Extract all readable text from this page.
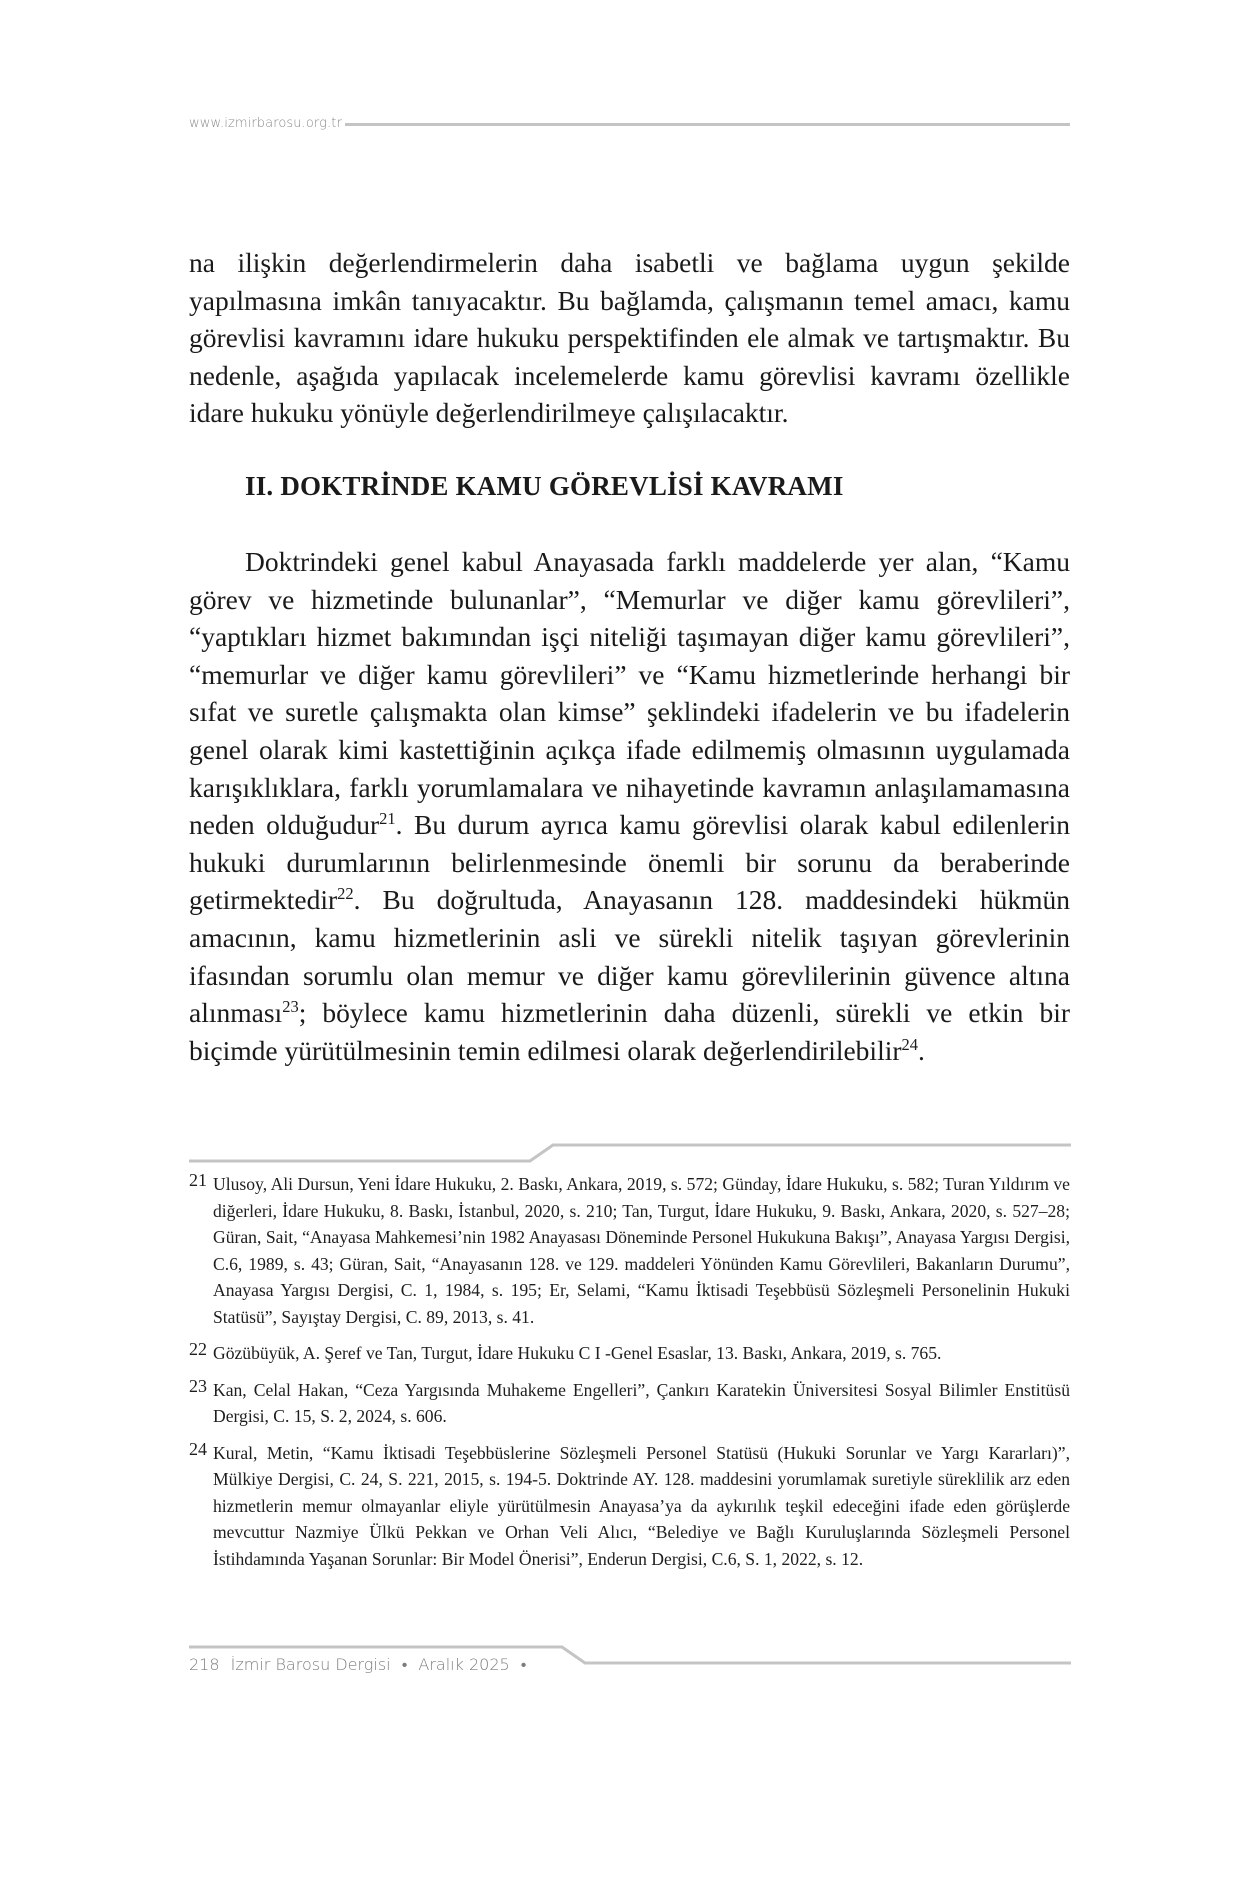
www.izmirbarosu.org.tr

na ilişkin değerlendirmelerin daha isabetli ve bağlama uygun şekilde yapılmasına imkân tanıyacaktır. Bu bağlamda, çalışmanın temel amacı, kamu görevlisi kavramını idare hukuku perspektifinden ele almak ve tartışmaktır. Bu nedenle, aşağıda yapılacak incelemelerde kamu görevlisi kavramı özellikle idare hukuku yönüyle değerlendirilmeye çalışılacaktır.

II. DOKTRİNDE KAMU GÖREVLİSİ KAVRAMI

Doktrindeki genel kabul Anayasada farklı maddelerde yer alan, “Kamu görev ve hizmetinde bulunanlar”, “Memurlar ve diğer kamu görevlileri”, “yaptıkları hizmet bakımından işçi niteliği taşımayan diğer kamu görevlileri”, “memurlar ve diğer kamu görevlileri” ve “Kamu hizmetlerinde herhangi bir sıfat ve suretle çalışmakta olan kimse” şeklindeki ifadelerin ve bu ifadelerin genel olarak kimi kastettiğinin açıkça ifade edilmemiş olmasının uygulamada karışıklıklara, farklı yorumlamalara ve nihayetinde kavramın anlaşılamamasına neden olduğudur$^{21}$. Bu durum ayrıca kamu görevlisi olarak kabul edilenlerin hukuki durumlarının belirlenmesinde önemli bir sorunu da beraberinde getirmektedir$^{22}$. Bu doğrultuda, Anayasanın 128. maddesindeki hükmün amacının, kamu hizmetlerinin asli ve sürekli nitelik taşıyan görevlerinin ifasından sorumlu olan memur ve diğer kamu görevlilerinin güvence altına alınması$^{23}$; böylece kamu hizmetlerinin daha düzenli, sürekli ve etkin bir biçimde yürütülmesinin temin edilmesi olarak değerlendirilebilir$^{24}$.

21 Ulusoy, Ali Dursun, Yeni İdare Hukuku, 2. Baskı, Ankara, 2019, s. 572; Günday, İdare Hukuku, s. 582; Turan Yıldırım ve diğerleri, İdare Hukuku, 8. Baskı, İstanbul, 2020, s. 210; Tan, Turgut, İdare Hukuku, 9. Baskı, Ankara, 2020, s. 527–28; Güran, Sait, “Anayasa Mahkemesi’nin 1982 Anayasası Döneminde Personel Hukukuna Bakışı”, Anayasa Yargısı Dergisi, C.6, 1989, s. 43; Güran, Sait, “Anayasanın 128. ve 129. maddeleri Yönünden Kamu Görevlileri, Bakanların Durumu”, Anayasa Yargısı Dergisi, C. 1, 1984, s. 195; Er, Selami, “Kamu İktisadi Teşebbüsü Sözleşmeli Personelinin Hukuki Statüsü”, Sayıştay Dergisi, C. 89, 2013, s. 41.
22 Gözübüyük, A. Şeref ve Tan, Turgut, İdare Hukuku C I -Genel Esaslar, 13. Baskı, Ankara, 2019, s. 765.
23 Kan, Celal Hakan, “Ceza Yargısında Muhakeme Engelleri”, Çankırı Karatekin Üniversitesi Sosyal Bilimler Enstitüsü Dergisi, C. 15, S. 2, 2024, s. 606.
24 Kural, Metin, “Kamu İktisadi Teşebbüslerine Sözleşmeli Personel Statüsü (Hukuki Sorunlar ve Yargı Kararları)”, Mülkiye Dergisi, C. 24, S. 221, 2015, s. 194-5. Doktrinde AY. 128. maddesini yorumlamak suretiyle süreklilik arz eden hizmetlerin memur olmayanlar eliyle yürütülmesin Anayasa’ya da aykırılık teşkil edeceğini ifade eden görüşlerde mevcuttur Nazmiye Ülkü Pekkan ve Orhan Veli Alıcı, “Belediye ve Bağlı Kuruluşlarında Sözleşmeli Personel İstihdamında Yaşanan Sorunlar: Bir Model Önerisi”, Enderun Dergisi, C.6, S. 1, 2022, s. 12.
218 İzmir Barosu Dergisi • Aralık 2025 •
